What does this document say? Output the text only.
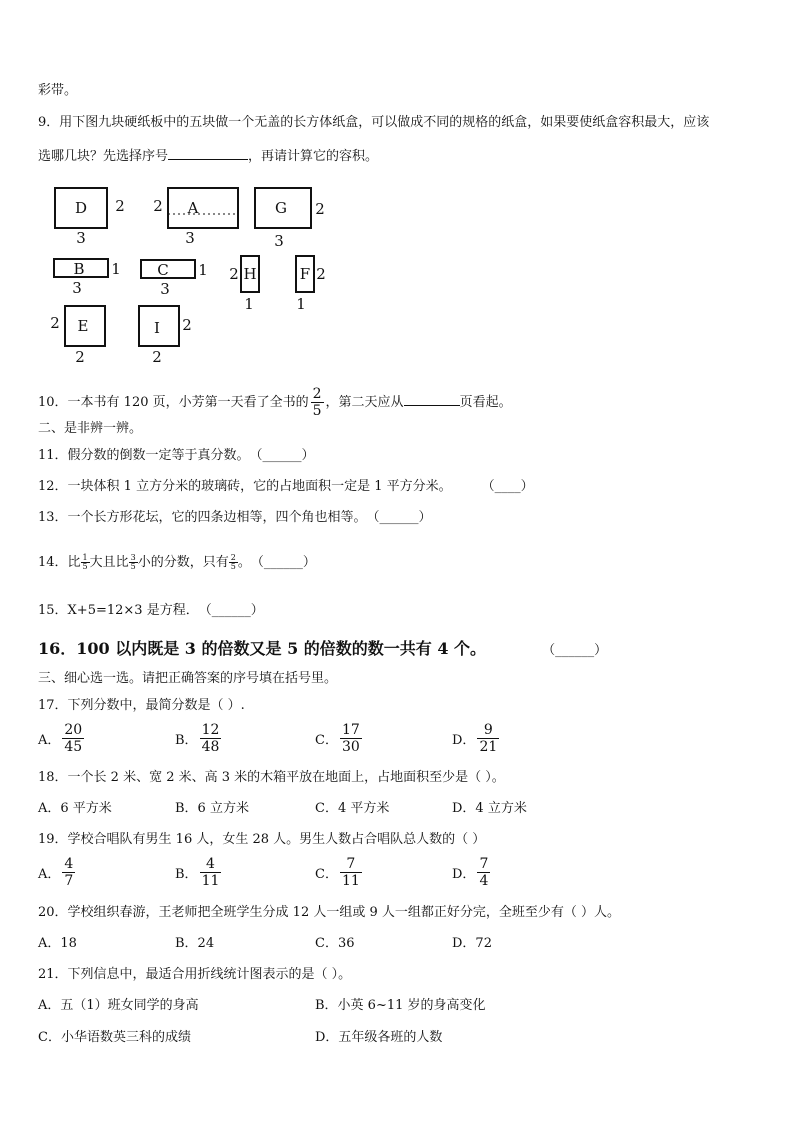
彩带。
9．用下图九块硬纸板中的五块做一个无盖的长方体纸盒，可以做成不同的规格的纸盒，如果要使纸盒容积最大，应该
选哪几块？先选择序号	，再请计算它的容积。
D 2
3
A
2
3
G 2
3
B 1
3
C 1
3
H
2
1
F 2
1
E
2
2
I 2
2
10．一本书有 120 页，小芳第一天看了全书的 $\frac{2}{5}$ ，第二天应从	页看起。
二、是非辨一辨。
11．假分数的倒数一定等于真分数。（______）
12．一块体积 1 立方分米的玻璃砖，它的占地面积一定是 1 平方分米。 （____）
13．一个长方形花坛，它的四条边相等，四个角也相等。（______）
14．比 $\frac{1}{5}$ 大且比 $\frac{3}{5}$ 小的分数，只有 $\frac{2}{5}$ 。（______）
15．X+5=12×3 是方程．（______）
16．100 以内既是 3 的倍数又是 5 的倍数的数一共有 4 个。	（______）
三、细心选一选。请把正确答案的序号填在括号里。
17．下列分数中，最简分数是（ ）.
A． $\frac{20}{45}$	B． $\frac{12}{48}$	C． $\frac{17}{30}$	D． $\frac{9}{21}$
18．一个长 2 米、宽 2 米、高 3 米的木箱平放在地面上，占地面积至少是（ ）。
A．6 平方米	B．6 立方米	C．4 平方米	D．4 立方米
19．学校合唱队有男生 16 人，女生 28 人。男生人数占合唱队总人数的（ ）
A． $\frac{4}{7}$	B． $\frac{4}{11}$	C． $\frac{7}{11}$	D． $\frac{7}{4}$
20．学校组织春游，王老师把全班学生分成 12 人一组或 9 人一组都正好分完，全班至少有（ ）人。
A．18	B．24	C．36	D．72
21．下列信息中，最适合用折线统计图表示的是（ ）。
A．五（1）班女同学的身高	B．小英 6~11 岁的身高变化
C．小华语数英三科的成绩	D．五年级各班的人数
